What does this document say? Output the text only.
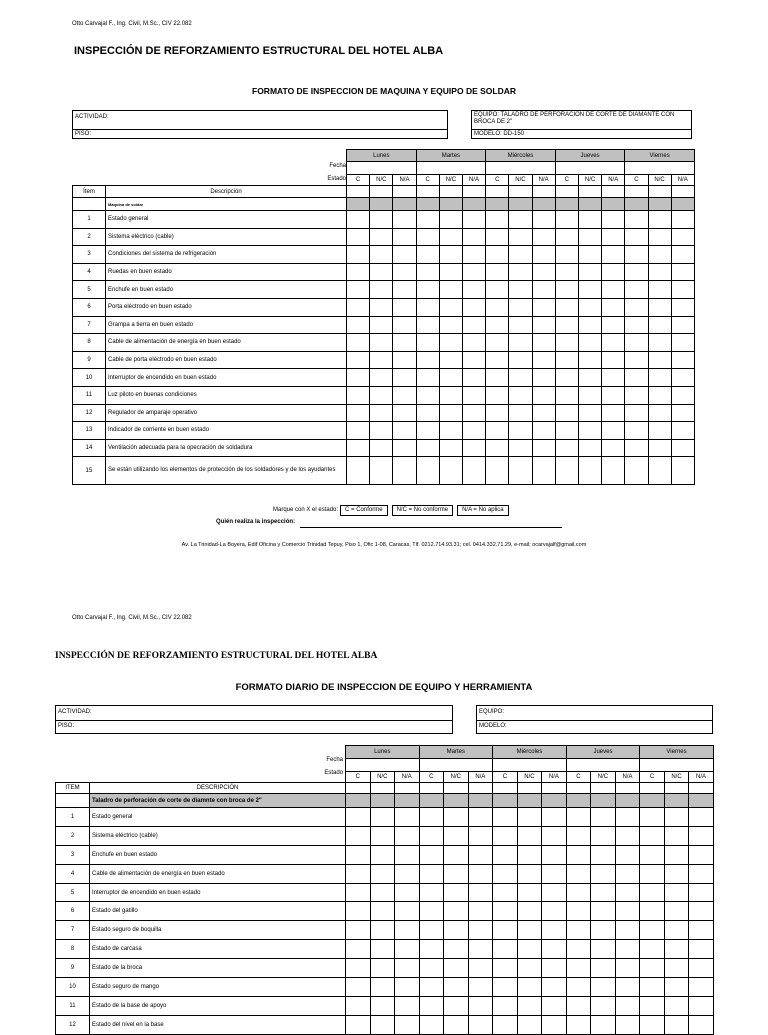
Otto Carvajal F., Ing. Civil, M.Sc., CIV 22.082
INSPECCIÓN DE REFORZAMIENTO ESTRUCTURAL DEL HOTEL ALBA
FORMATO DE INSPECCION DE MAQUINA Y EQUIPO DE SOLDAR
ACTIVIDAD:
PISO:
EQUIPO: TALADRO DE PERFORACIÓN DE CORTE DE DIAMANTE CON BROCA DE 2"
MODELO: DD-150
Fecha
Estado
		Lunes			Martes			Miércoles			Jueves			Viernes		

		C	N/C	N/A	C	N/C	N/A	C	N/C	N/A	C	N/C	N/A	C	N/C	N/A
Ítem	Descripción															
	Máquina de soldar															
1	Estado general															
2	Sistema eléctrico (cable)															
3	Condiciones del sistema de refrigeración															
4	Ruedas en buen estado															
5	Enchufe en buen estado															
6	Porta eléctrodo en buen estado															
7	Grampa a tierra en buen estado															
8	Cable de alimentación de energía en buen estado															
9	Cable de porta eléctrodo en buen estado															
10	Interruptor de encendido en buen estado															
11	Luz piloto en buenas condiciones															
12	Regulador de amparaje operativo															
13	Indicador de corriente en buen estado															
14	Ventilación adecuada para la opecración de soldadura															
15	Se están utilizando los elementos de protección de los soldadores y de los ayudantes															
Marque con X el estado: C = Conforme N/C = No conforme N/A = No aplica
Quién realiza la inspección:
Av. La Trinidad-La Boyera, Edif Oficina y Comercio Trinidad Tepuy, Piso 1, Ofic 1-08, Caracas, Tlf. 0212.714.93.31; cel. 0414.332.71.29, e-mail; ocarvajalf@gmail.com
Otto Carvajal F., Ing. Civil, M.Sc., CIV 22.082
INSPECCIÓN DE REFORZAMIENTO ESTRUCTURAL DEL HOTEL ALBA
FORMATO DIARIO DE INSPECCION DE EQUIPO Y HERRAMIENTA
ACTIVIDAD:
PISO:
EQUIPO:
MODELO:
Fecha
Estado
		Lunes			Martes			Miércoles			Jueves			Viernes		

		C	N/C	N/A	C	N/C	N/A	C	N/C	N/A	C	N/C	N/A	C	N/C	N/A
ITEM	DESCRIPCIÓN															
	Taladro de perforación de corte de diamnte con broca de 2"															
1	Estado general															
2	Sistema eléctrico (cable)															
3	Enchufe en buen estado															
4	Cable de alimentación de energía en buen estado															
5	Interruptor de encendido en buen estado															
6	Estado del gatillo															
7	Estado seguro de boquilla															
8	Estado de carcasa															
9	Estado de la broca															
10	Estado seguro de mango															
11	Estado de la base de apoyo															
12	Estado del nivel en la base															
